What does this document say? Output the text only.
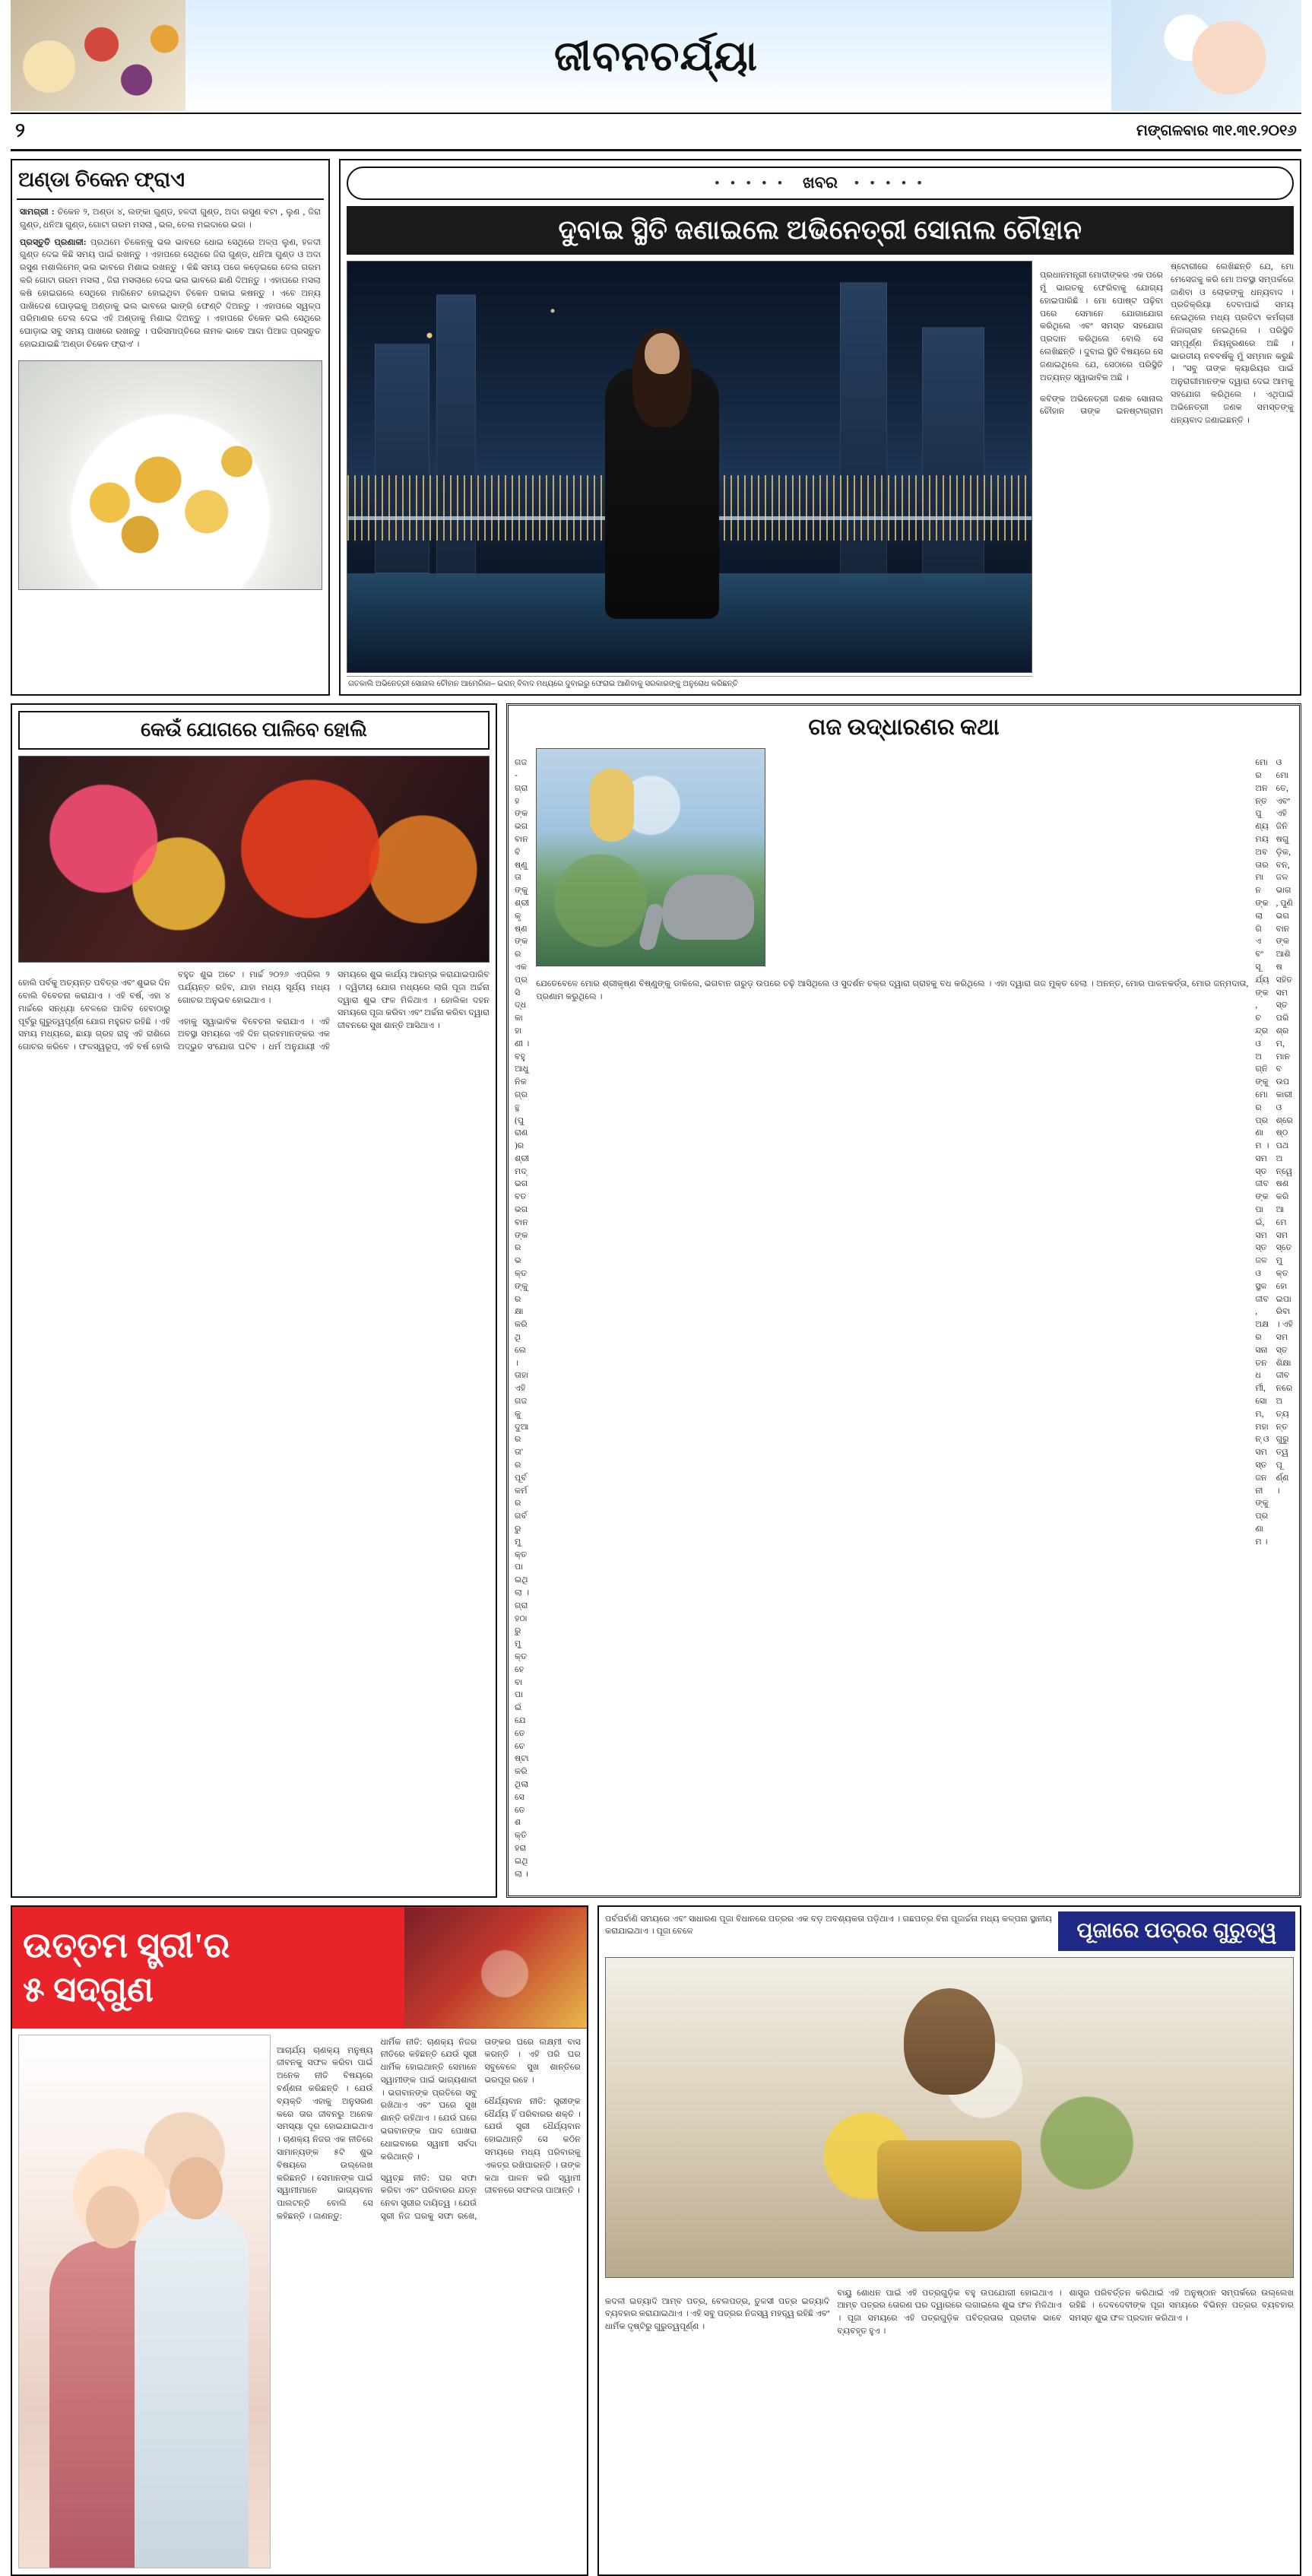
ଜୀବନଚର୍ଯ୍ୟା
୨	ମଙ୍ଗଳବାର ୩୧.୩୧.୨୦୧୬
ଅଣ୍ଡା ଚିକେନ ଫ୍ରାଏ
ସାମଗ୍ରୀ : ଚିକେନ ୨, ଅଣ୍ଡା ୪, ଲଙ୍କା ଗୁଣ୍ଡ, ହଳଦୀ ଗୁଣ୍ଡ, ଅଦା ରସୁଣ ବଟା , ଲୁଣ , ଜିରା ଗୁଣ୍ଡ, ଧନିଆ ଗୁଣ୍ଡ, ଗୋଟା ଗରମ ମସଲା , ଭଲ, ତେଲ ମଇଦାରେ ଭଜା ।
ପ୍ରସ୍ତୁତି ପ୍ରଣାଳୀ: ପ୍ରଥମେ ଚିକେନ୍‌କୁ ଭଲ ଭାବରେ ଧୋଇ ସେଥିରେ ଅଳ୍ପ ଲୁଣ, ହଳଦୀ ଗୁଣ୍ଡ ଦେଇ କିଛି ସମୟ ପାଇଁ ରଖନ୍ତୁ । ଏହାପରେ ସେଥିରେ ଜିରା ଗୁଣ୍ଡ, ଧନିଆ ଗୁଣ୍ଡ ଓ ଅଦା ରସୁଣ ମଶାଲିମେନ୍ ଭଲ ଭାବରେ ମିଶାଇ ରଖନ୍ତୁ । କିଛି ସମୟ ପରେ କଡ଼େଇରେ ତେଲ ଗରମ କରି ଗୋଟା ଗରମ ମସଲା , ଜିରା ମସଲାରେ ଦେଇ ଭଲ ଭାବରେ ଛାଣି ଦିଅନ୍ତୁ । ଏହାପରେ ମସଲା କଷି ହୋଇଗଲେ ସେଥିରେ ମାରିନେଟ ହୋଇଥିବା ଚିକେନ ପକାଇ କଷନ୍ତୁ । ଏବେ ଅନ୍ୟ ପାଖିଦେଶ ଘୋଡ଼ଇକୁ ଅଣ୍ଡାକୁ ଭଲ ଭାବରେ ଭାଙ୍ଗି ଫେଣ୍ଟି ଦିଅନ୍ତୁ । ଏହାପରେ ସ୍ୱଳ୍ପ ପରିମାଣର ତେଲ ଦେଇ ଏହି ଅଣ୍ଡାକୁ ମିଶାଇ ଦିଅନ୍ତୁ । ଏହାପରେ ଚିକେନ ଭଲି ସେଥିରେ ଘୋଡ଼ାଇ ସବୁ ସମୟ ପାଖରେ ରଖନ୍ତୁ । ପରିସମାପ୍ତିରେ ନାମକ ଭାବେ ଆଦା ପିଆଜ ପ୍ରସ୍ତୁତ ହୋଇଯାଇଛି 'ଅଣ୍ଡା ଚିକେନ ଫ୍ରାଏ' ।
• • • • • ଖବର • • • • •
ଦୁବାଇ ସ୍ଥିତି ଜଣାଇଲେ ଅଭିନେତ୍ରୀ ସୋନାଲ ଚୌହାନ
ଗତକାଲି ଅଭିନେତ୍ରୀ ସୋନାଲ ଚୌହାନ ଆମେରିକା– ଇରାନ୍ ବିବାଦ ମଧ୍ୟରେ ଦୁବାଇରୁ ଫେରାଇ ଆଣିବାକୁ ସରକାରଙ୍କୁ ଅନୁରୋଧ କରିଛନ୍ତି

ପ୍ରଧାନମନ୍ତ୍ରୀ ମୋଦୀଙ୍କର ଏକ ପରେ ମୁଁ ଭାରତକୁ ଫେରିବାକୁ ଯୋଗ୍ୟ ହୋଇପାରିଛି । ମୋ ପୋଷ୍ଟ ପଢ଼ିବା ପରେ ସେମାନେ ଯୋଗାଯୋଗ କରିଥିଲେ ଏବଂ ସମସ୍ତ ସହଯୋଗ ପ୍ରଦାନ କରିଥିଲେ ବୋଲି ସେ ଲେଖିଛନ୍ତି । ଦୁବାଇ ସ୍ଥିତି ବିଷୟରେ ସେ ଜଣାଇଥିଲେ ଯେ, ସେଠାରେ ପରିସ୍ଥିତି ଅତ୍ୟନ୍ତ ସ୍ୱାଭାବିକ ଅଛି ।

କବିଙ୍କ ଅଭିନେତ୍ରୀ ଜଣକ ସୋନାଲ ଚୌହାନ ତାଙ୍କ ଇନଷ୍ଟାଗ୍ରାମ ଷ୍ଟୋରୀରେ ଲେଖିଛନ୍ତି ଯେ, ମୋ ମେସେଜକୁ କରି ମୋ ଅବସ୍ଥା ସମ୍ପର୍କରେ ଜାଣିବା ଓ ଲୋକଙ୍କୁ ଧନ୍ୟବାଦ । ପ୍ରତିକ୍ରିୟା ଦେବାପାଇଁ ସମୟ ନେଇଥିଲେ ମଧ୍ୟ ପ୍ରତିଟା କର୍ମଚାରୀ ନିଜାଗ୍ରାହ ନେଇଥିଲେ । ପରିସ୍ଥିତି ସମ୍ପୂର୍ଣ୍ଣ ନିୟନ୍ତ୍ରଣରେ ଅଛି । ଭାରତୀୟ ନବବର୍ଷକୁ ମୁଁ ସମ୍ମାନ କରୁଛି । ''ସବୁ ତାଙ୍କ କ୍ୟାରିୟର ପାଇଁ ଅନୁରାଗୀମାନଙ୍କ ଦ୍ୱାରା ଦେଇ ଆମକୁ ସହଯୋଗ କରିଥିଲେ । ଏଥିପାଇଁ ଅଭିନେତ୍ରୀ ଜଣକ ସମସ୍ତଙ୍କୁ ଧନ୍ୟବାଦ ଜଣାଇଛନ୍ତି ।

କେଉଁ ଯୋଗରେ ପାଳିବେ ହୋଲି

ହୋଲି ପର୍ବକୁ ଅତ୍ୟନ୍ତ ପବିତ୍ର ଏବଂ ଶୁଭର ଦିନ ବୋଲି ବିବେଚନା କରାଯାଏ । ଏହି ବର୍ଷ, ଏହା ୪ ମାର୍ଚ୍ଚରେ ସନ୍ଧ୍ୟା ବେଳରେ ପାଳିତ ହେବାଠାରୁ ପୂର୍ବରୁ ଗୁରୁତ୍ୱପୂର୍ଣ୍ଣ ଯୋଗ ମହୁରତ ରହିଛି । ଏହି ସମୟ ମଧ୍ୟରେ, ଛାୟା ଗ୍ରହ ରାହୁ ଏହି ରାଶିରେ ଗୋଚର କରିବେ । ଫଳସ୍ୱରୂପ, ଏହି ବର୍ଷ ହୋଲି ବହୁତ ଶୁଭ ଅଟେ । ମାର୍ଚ୍ଚ ୨୦୨୬ ଏପ୍ରିଲ ୨ ପର୍ଯ୍ୟନ୍ତ ରହିବ, ଯାହା ମଧ୍ୟ ସୂର୍ଯ୍ୟ ମଧ୍ୟ ଗୋଚର ଅନୁଭବ ହୋଇଥାଏ ।

ଏହାକୁ ସ୍ୱାଭାବିକ ବିବେଚନା କରାଯାଏ । ଏହି ଅବସ୍ଥା ସମୟରେ ଏହି ଦିନ ଗ୍ରହମାନଙ୍କର ଏକ ଅଦ୍ଭୁତ ସଂଯୋଗ ଘଟିବ । ଧର୍ମ ଅନୁଯାୟୀ ଏହି ସମୟରେ ଶୁଭ କାର୍ଯ୍ୟ ଆରମ୍ଭ କରାଯାଇପାରିବ । ଦ୍ୱିତୀୟ ଯୋଗ ମଧ୍ୟରେ ଲାଗି ପୂଜା ଅର୍ଚ୍ଚନା ଦ୍ୱାରା ଶୁଭ ଫଳ ମିଳିଥାଏ । ହୋଲିକା ଦହନ ସମୟରେ ପୂଜା କରିବା ଏବଂ ଅର୍ଚ୍ଚନା କରିବା ଦ୍ୱାରା ଜୀବନରେ ସୁଖ ଶାନ୍ତି ଆସିଥାଏ ।

ଗଜ ଉଦ୍ଧାରଣର କଥା

ଗଜ-ଗ୍ରାହଙ୍କ ଭଗବାନ ବିଷ୍ଣୁ ତାଙ୍କୁ ଶ୍ରୀକୃଷ୍ଣଙ୍କର ଏକ ପ୍ରସିଦ୍ଧ କାହାଣୀ । ବହୁ ଆଧୁନିକ ଗ୍ରନ୍ଥ (ପୁରାଣ)ର ଶ୍ରୀମଦ୍‌ଭଗବତ ଭଗବାନଙ୍କର ଭକ୍ତଙ୍କୁ ରକ୍ଷା କରିଥିଲେ । ତାହା ଏହି ଗଜକୁ ଦୁଆର ତା'ର ପୂର୍ବକର୍ମର ଗର୍ବରୁ ମୁକ୍ତ ପାଇଥିଲା । ଗ୍ରାହଠାରୁ ମୁକ୍ତ ହେବା ପାଇଁ ଯେତେ ଚେଷ୍ଟା କରିଥିଲା ସେତେ ଶକ୍ତି ହରାଇଥିଲା ।

ଯେତେବେଳେ ମୋର ଶ୍ରୀକୃଷ୍ଣ ବିଷ୍ଣୁଙ୍କୁ ଡାକିଲେ, ଭଗବାନ ଗରୁଡ଼ ଉପରେ ଚଢ଼ି ଆସିଥିଲେ ଓ ସୁଦର୍ଶନ ଚକ୍ର ଦ୍ୱାରା ଗ୍ରାହକୁ ବଧ କରିଥିଲେ । ଏହା ଦ୍ୱାରା ଗଜ ମୁକ୍ତ ହେଲା । ଅନନ୍ତ, ମୋର ପାଳନକର୍ତ୍ତା, ମୋର ଜନ୍ମଦାତା, ପ୍ରଣାମ କରୁଥିଲେ ।

ମୋର ଅନନ୍ତ ପୁଣ୍ୟମୟ ଅବତାରମାନଙ୍କ ଲାଗି ଏବଂ ସୂର୍ଯ୍ୟଙ୍କ, ଚନ୍ଦ୍ର ଓ ଅଗ୍ନିଙ୍କୁ ମୋର ପ୍ରଣାମ । ସମସ୍ତ ଜୀବଙ୍କ ପାଇଁ, ସମସ୍ତ ଜଳ ଓ ସ୍ଥଳ ଜୀବ, ଅକ୍ଷର ସନାତନଧର୍ମୀ, ସୋମ, ମହାନ୍ ଓ ସମସ୍ତ ଜନନୀଙ୍କୁ ପ୍ରଣାମ ।

ଓ ମୋତେ, ଏବଂ ଏହି ଜିନିଷଗୁଡ଼ିକ, ବନ, ଜଳଭାଗ, ପୁଣି ଭଗବାନଙ୍କ ଆଶିଷ ସହିତ ସମସ୍ତ ପରିଶ୍ରମ, ମାନବ ଉପକାରୀ ଓ ଶ୍ରେଷ୍ଠପଥ ଅନ୍ୱେଷଣ କରି ଆମେ ସମସ୍ତେ ମୁକ୍ତ ହୋଇପାରିବା । ଏହି ସମସ୍ତ ଶିକ୍ଷା ଜୀବନରେ ଅତ୍ୟନ୍ତ ଗୁରୁତ୍ୱପୂର୍ଣ୍ଣ ।

ଉତ୍ତମ ସ୍ତ୍ରୀ'ର
୫ ସଦ୍‌ଗୁଣ

ଆଚାର୍ଯ୍ୟ ଚାଣକ୍ୟ ମନୁଷ୍ୟ ଜୀବନକୁ ସଫଳ କରିବା ପାଇଁ ଅନେକ ନୀତି ବିଷୟରେ ବର୍ଣ୍ଣନା କରିଛନ୍ତି । ଯେଉଁ ବ୍ୟକ୍ତି ଏହାକୁ ଅନୁସରଣ କରେ ତାର ଜୀବନରୁ ଅନେକ ସମସ୍ୟା ଦୂର ହୋଇଯାଇଥାଏ । ଚାଣକ୍ୟ ନିଜର ଏକ ନୀତିରେ ସାମାନ୍ୟଙ୍କ ୫ଟି ଶୁଭ ବିଷୟରେ ଉଲ୍ଲେଖ କରିଛନ୍ତି । ସେମାନଙ୍କ ପାଇଁ ସ୍ୱାମୀମାନେ ଭାଗ୍ୟବାନ ପାଲଟନ୍ତି ବୋଲି ସେ କହିଛନ୍ତି । ଜାଣନ୍ତୁ:

ଧାର୍ମିକ ନୀତି: ଚାଣକ୍ୟ ନିଜର ନୀତିରେ କହିଛନ୍ତି ଯେଉଁ ସ୍ତ୍ରୀ ଧାର୍ମିକ ହୋଇଥାନ୍ତି ସେମାନେ ସ୍ୱାମୀଙ୍କ ପାଇଁ ଭାଗ୍ୟଶାଳୀ । ଭଗବାନଙ୍କ ପ୍ରତିରେ ସବୁ ରଖିଥାଏ ଏବଂ ଘରେ ସୁଖ ଶାନ୍ତି ରହିଥାଏ । ଯେଉଁ ଘରେ ଭଗବାନଙ୍କ ପାଦ ପୋଖରା ଧୋଇବାରେ ସ୍ୱାମୀ ସର୍ବଦା କରିଥାନ୍ତି ।

ସ୍ୱଚ୍ଛ ନୀତି: ଘର ସଫା କରିବା ଏବଂ ପରିବାରର ଯତ୍ନ ନେବା ସ୍ତ୍ରୀର ଦାୟିତ୍ୱ । ଯେଉଁ ସ୍ତ୍ରୀ ନିଜ ଘରକୁ ସଫା ରଖେ, ତାଙ୍କର ଘରେ ଲକ୍ଷ୍ମୀ ବାସ କରନ୍ତି । ଏହି ପରି ଘର ସବୁବେଳେ ସୁଖ ଶାନ୍ତିରେ ଭରପୂର ରହେ ।

ଧୈର୍ଯ୍ୟବାନ ନୀତି: ସ୍ତ୍ରୀଙ୍କ ଧୈର୍ଯ୍ୟ ହିଁ ପରିବାରର ଶକ୍ତି । ଯେଉଁ ସ୍ତ୍ରୀ ଧୈର୍ଯ୍ୟବାନ ହୋଇଥାନ୍ତି ସେ କଠିନ ସମୟରେ ମଧ୍ୟ ପରିବାରକୁ ଏକତ୍ର ରଖିପାରନ୍ତି । ତାଙ୍କ କଥା ପାଳନ କରି ସ୍ୱାମୀ ଜୀବନରେ ସଫଳତା ପାଆନ୍ତି ।

ପର୍ବପର୍ବାଣି ସମୟରେ ଏବଂ ସାଧାରଣ ପୂଜା ବିଧାନରେ ପତ୍ରର ଏକ ବଡ଼ ଅବଶ୍ୟକତା ପଡ଼ିଥାଏ । ଗଛପତ୍ର ବିନା ପୂଜାର୍ଚ୍ଚନା ମଧ୍ୟ କଳ୍ପନା ସ୍ଥାନୀୟ କରାଯାଇଥାଏ । ପୂଜା ବେଳେ	ପୂଜାରେ ପତ୍ରର ଗୁରୁତ୍ୱ

କଦଳୀ ଇତ୍ୟାଦି ଆମ୍ବ ପତ୍ର, ବେଲପତ୍ର, ତୁଳସୀ ପତ୍ର ଇତ୍ୟାଦି ବ୍ୟବହାର କରାଯାଇଥାଏ । ଏହି ସବୁ ପତ୍ରର ନିଜସ୍ୱ ମହତ୍ତ୍ୱ ରହିଛି ଏବଂ ଧାର୍ମିକ ଦୃଷ୍ଟିରୁ ଗୁରୁତ୍ୱପୂର୍ଣ୍ଣ ।

ବାୟୁ ଶୋଧନ ପାଇଁ ଏହି ପତ୍ରଗୁଡ଼ିକ ବହୁ ଉପଯୋଗୀ ହୋଇଥାଏ । ଆମ୍ବ ପତ୍ରର ତୋରଣ ଘର ଦ୍ୱାରରେ ଲଗାଇଲେ ଶୁଭ ଫଳ ମିଳିଥାଏ । ପୂଜା ସମୟରେ ଏହି ପତ୍ରଗୁଡ଼ିକ ପବିତ୍ରତାର ପ୍ରତୀକ ଭାବେ ବ୍ୟବହୃତ ହୁଏ ।

ଶାସ୍ତ୍ର ପରିବର୍ତ୍ତନ କରିଥାଇଁ ଏହି ଅନୁଷ୍ଠାନ ସମ୍ପର୍କରେ ଉଲ୍ଲେଖ ରହିଛି । ଦେବଦେବୀଙ୍କ ପୂଜା ସମୟରେ ବିଭିନ୍ନ ପତ୍ରର ବ୍ୟବହାର ସମସ୍ତ ଶୁଭ ଫଳ ପ୍ରଦାନ କରିଥାଏ ।
